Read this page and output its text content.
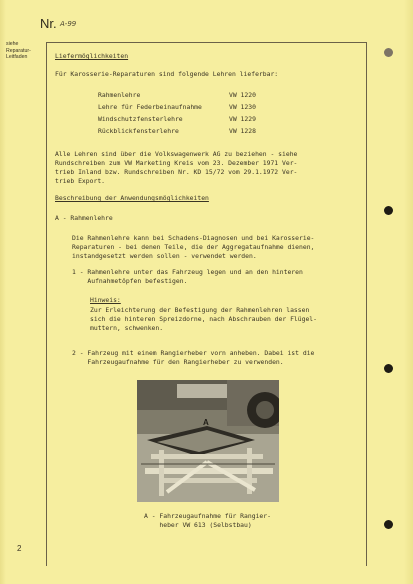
Nr. A-99
siehe
Reparatur-
Leitfaden	Liefermöglichkeiten
Für Karosserie-Reparaturen sind folgende Lehren lieferbar:
Rahmenlehre	VW 1220
Lehre für Federbeinaufnahme	VW 1230
Windschutzfensterlehre	VW 1229
Rückblickfensterlehre	VW 1228
Alle Lehren sind über die Volkswagenwerk AG zu beziehen - siehe
Rundschreiben zum VW Marketing Kreis vom 23. Dezember 1971 Ver-
trieb Inland bzw. Rundschreiben Nr. KD 15/72 vom 29.1.1972 Ver-
trieb Export.
Beschreibung der Anwendungsmöglichkeiten
A - Rahmenlehre
Die Rahmenlehre kann bei Schadens-Diagnosen und bei Karosserie-
Reparaturen - bei denen Teile, die der Aggregataufnahme dienen,
instandgesetzt werden sollen - verwendet werden.
1 - Rahmenlehre unter das Fahrzeug legen und an den hinteren
Aufnahmetöpfen befestigen.
Hinweis:
Zur Erleichterung der Befestigung der Rahmenlehren lassen
sich die hinteren Spreizdorne, nach Abschrauben der Flügel-
muttern, schwenken.
2 - Fahrzeug mit einem Rangierheber vorn anheben. Dabei ist die
Fahrzeugaufnahme für den Rangierheber zu verwenden.
A
A - Fahrzeugaufnahme für Rangier-
heber VW 613 (Selbstbau)
2
